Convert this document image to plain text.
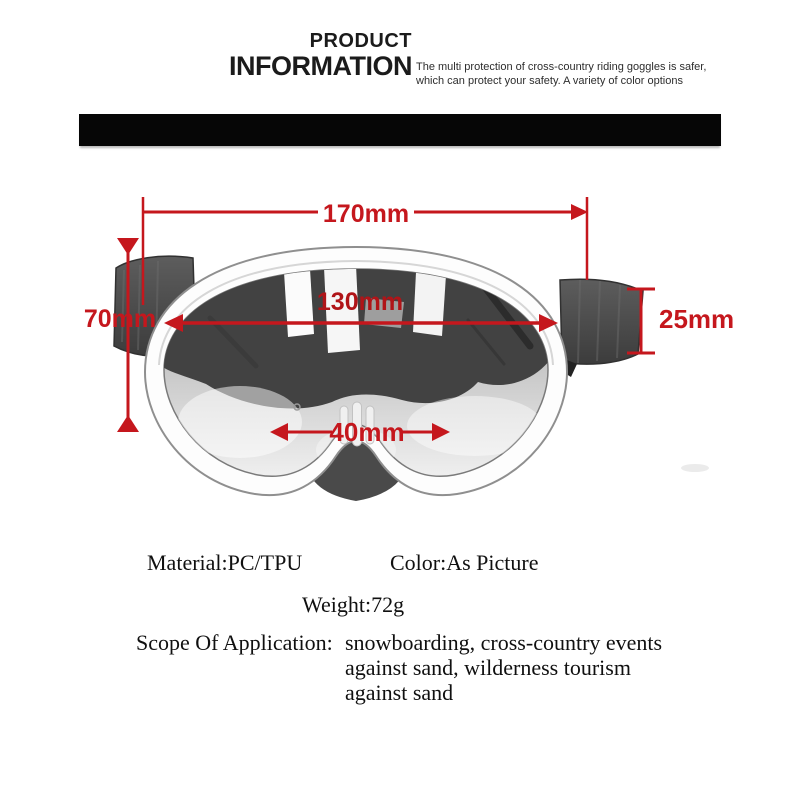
PRODUCT
INFORMATION The multi protection of cross-country riding goggles is safer, which can protect your safety. A variety of color options
170mm
70mm
130mm
25mm
40mm
Material:PC/TPU	Color:As Picture
Weight:72g
Scope Of Application: snowboarding, cross-country events
against sand, wilderness tourism
against sand
